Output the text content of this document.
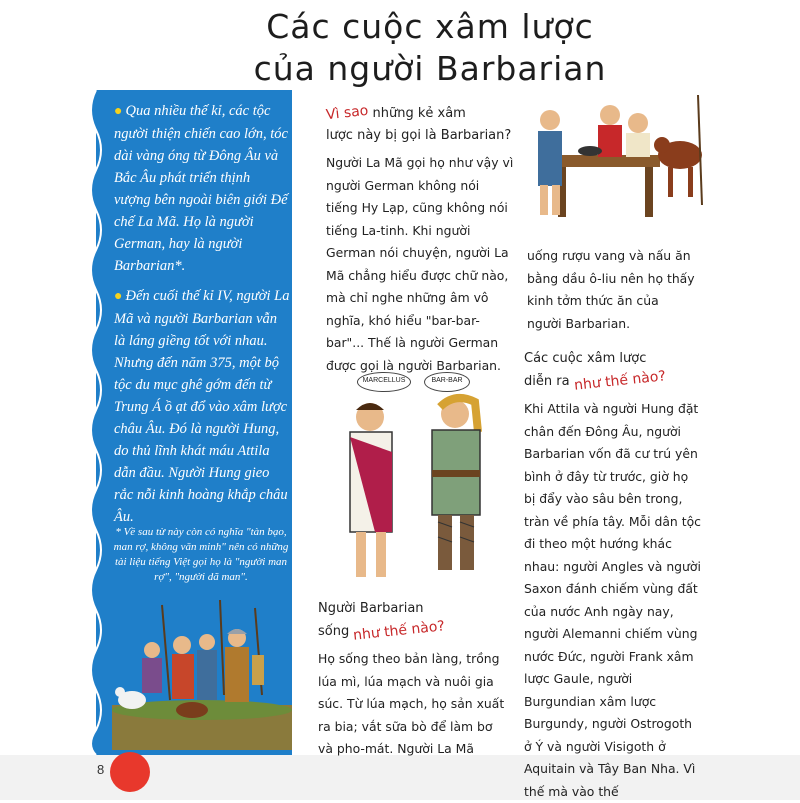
Các cuộc xâm lược
của người Barbarian

● Qua nhiều thế kỉ, các tộc người thiện chiến cao lớn, tóc dài vàng óng từ Đông Âu và Bắc Âu phát triển thịnh vượng bên ngoài biên giới Đế chế La Mã. Họ là người German, hay là người Barbarian*.

● Đến cuối thế kỉ IV, người La Mã và người Barbarian vẫn là láng giềng tốt với nhau. Nhưng đến năm 375, một bộ tộc du mục ghê gớm đến từ Trung Á ồ ạt đổ vào xâm lược châu Âu. Đó là người Hung, do thủ lĩnh khát máu Attila dẫn đầu. Người Hung gieo rắc nỗi kinh hoàng khắp châu Âu.

* Về sau từ này còn có nghĩa "tàn bạo, man rợ, không văn minh" nên có những tài liệu tiếng Việt gọi họ là "người man rợ", "người dã man".
8
Vì sao những kẻ xâm
lược này bị gọi là Barbarian?
Người La Mã gọi họ như vậy vì người German không nói tiếng Hy Lạp, cũng không nói tiếng La-tinh. Khi người German nói chuyện, người La Mã chẳng hiểu được chữ nào, mà chỉ nghe những âm vô nghĩa, khó hiểu "bar-bar-bar"... Thế là người German được gọi là người Barbarian.
uống rượu vang và nấu ăn bằng dầu ô-liu nên họ thấy kinh tởm thức ăn của người Barbarian.
MARCELLUS	BAR-BAR
Người Barbarian
sống như thế nào?
Họ sống theo bản làng, trồng lúa mì, lúa mạch và nuôi gia súc. Từ lúa mạch, họ sản xuất ra bia; vắt sữa bò để làm bơ và pho-mát. Người La Mã
Các cuộc xâm lược
diễn ra như thế nào?
Khi Attila và người Hung đặt chân đến Đông Âu, người Barbarian vốn đã cư trú yên bình ở đây từ trước, giờ họ bị đẩy vào sâu bên trong, tràn về phía tây. Mỗi dân tộc đi theo một hướng khác nhau: người Angles và người Saxon đánh chiếm vùng đất của nước Anh ngày nay, người Alemanni chiếm vùng nước Đức, người Frank xâm lược Gaule, người Burgundian xâm lược Burgundy, người Ostrogoth ở Ý và người Visigoth ở Aquitain và Tây Ban Nha. Vì thế mà vào thế
